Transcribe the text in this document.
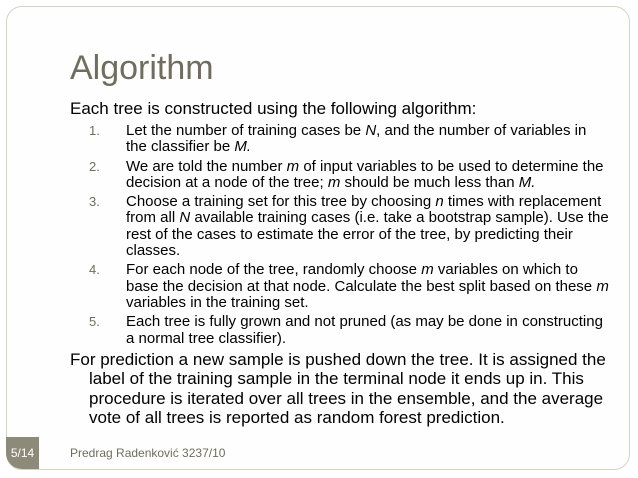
Algorithm

Each tree is constructed using the following algorithm:

1. Let the number of training cases be N, and the number of variables in the classifier be M.
2. We are told the number m of input variables to be used to determine the decision at a node of the tree; m should be much less than M.
3. Choose a training set for this tree by choosing n times with replacement from all N available training cases (i.e. take a bootstrap sample). Use the rest of the cases to estimate the error of the tree, by predicting their classes.
4. For each node of the tree, randomly choose m variables on which to base the decision at that node. Calculate the best split based on these m variables in the training set.
5. Each tree is fully grown and not pruned (as may be done in constructing a normal tree classifier).

For prediction a new sample is pushed down the tree. It is assigned the label of the training sample in the terminal node it ends up in. This procedure is iterated over all trees in the ensemble, and the average vote of all trees is reported as random forest prediction.

5/14	Predrag Radenković 3237/10
